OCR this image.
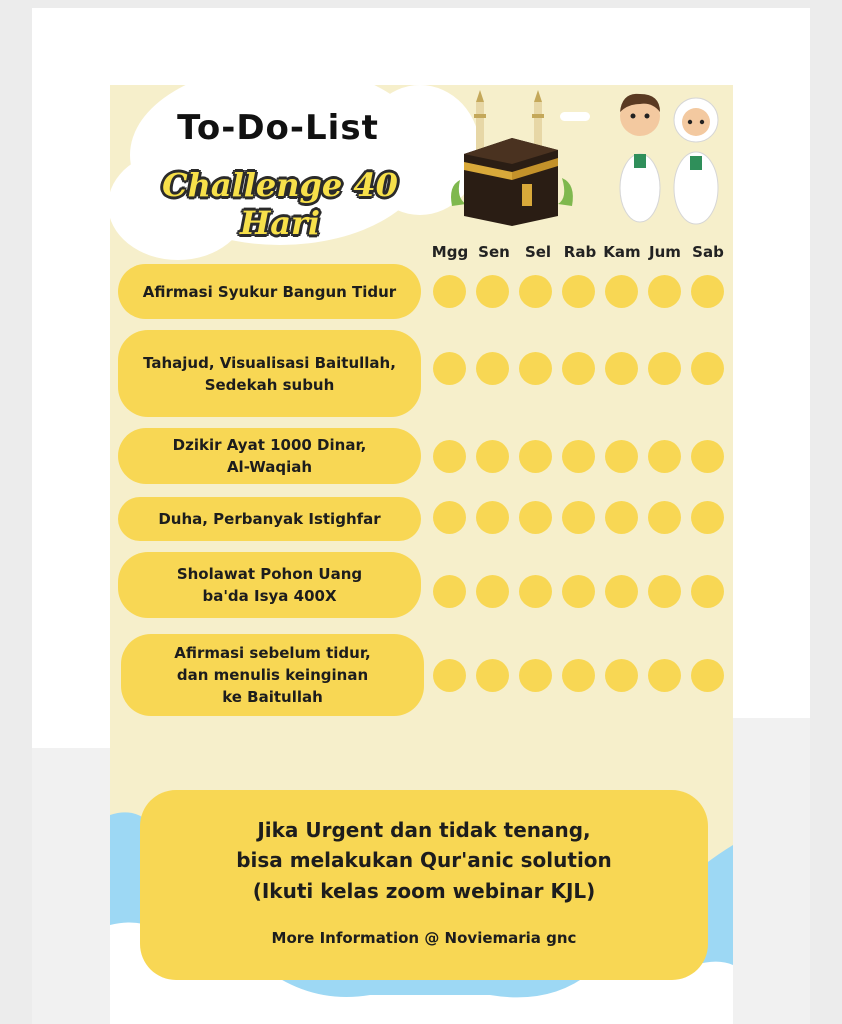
To-Do-List
Challenge 40 Hari
Mgg Sen	Sel Rab Kam Jum Sab
Afirmasi Syukur Bangun Tidur
Tahajud, Visualisasi Baitullah,
Sedekah subuh
Dzikir Ayat 1000 Dinar,
Al-Waqiah
Duha, Perbanyak Istighfar
Sholawat Pohon Uang
ba'da Isya 400X
Afirmasi sebelum tidur,
dan menulis keinginan
ke Baitullah
Jika Urgent dan tidak tenang,
bisa melakukan Qur'anic solution
(Ikuti kelas zoom webinar KJL)
More Information @ Noviemaria gnc
